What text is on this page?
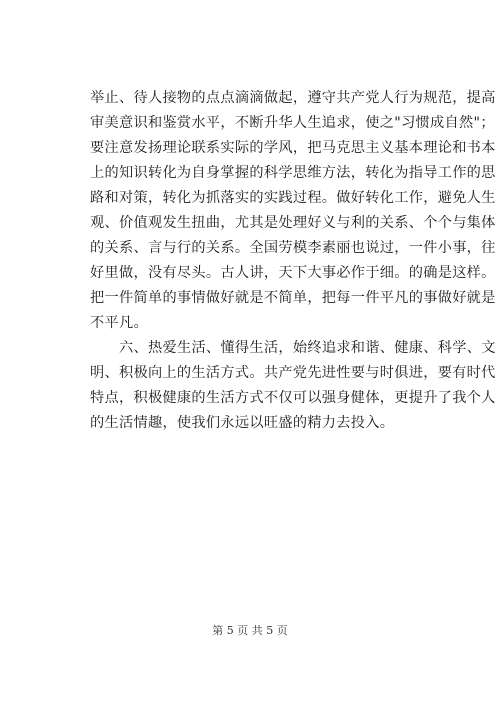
举止、待人接物的点点滴滴做起，遵守共产党人行为规范，提高
审美意识和鉴赏水平，不断升华人生追求，使之"习惯成自然"；
要注意发扬理论联系实际的学风，把马克思主义基本理论和书本
上的知识转化为自身掌握的科学思维方法，转化为指导工作的思
路和对策，转化为抓落实的实践过程。做好转化工作，避免人生
观、价值观发生扭曲，尤其是处理好义与利的关系、个个与集体
的关系、言与行的关系。全国劳模李素丽也说过，一件小事，往
好里做，没有尽头。古人讲，天下大事必作于细。的确是这样。
把一件简单的事情做好就是不简单，把每一件平凡的事做好就是
不平凡。
六、热爱生活、懂得生活，始终追求和谐、健康、科学、文
明、积极向上的生活方式。共产党先进性要与时俱进，要有时代
特点，积极健康的生活方式不仅可以强身健体，更提升了我个人
的生活情趣，使我们永远以旺盛的精力去投入。
第 5 页 共 5 页
